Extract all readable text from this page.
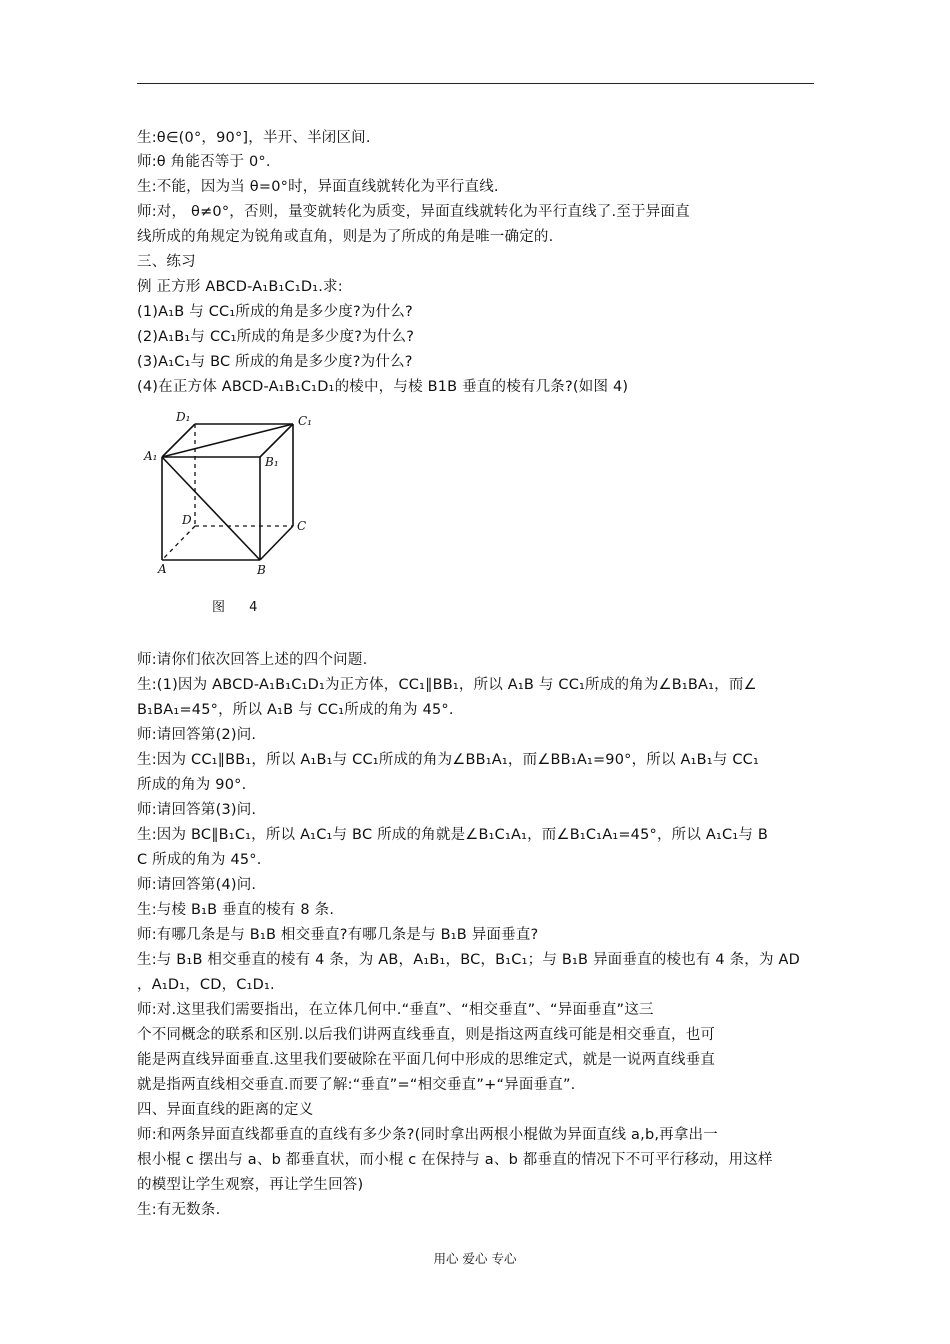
生:θ∈(0°，90°]，半开、半闭区间.
师:θ 角能否等于 0°.
生:不能，因为当 θ=0°时，异面直线就转化为平行直线.
师:对， θ≠0°，否则，量变就转化为质变，异面直线就转化为平行直线了.至于异面直
线所成的角规定为锐角或直角，则是为了所成的角是唯一确定的.
三、练习
例 正方形 ABCD-A₁B₁C₁D₁.求:
(1)A₁B 与 CC₁所成的角是多少度?为什么?
(2)A₁B₁与 CC₁所成的角是多少度?为什么?
(3)A₁C₁与 BC 所成的角是多少度?为什么?
(4)在正方体 ABCD-A₁B₁C₁D₁的棱中，与棱 B1B 垂直的棱有几条?(如图 4)
D₁	C₁
A₁	B₁
D	C
A	B
图 4
师:请你们依次回答上述的四个问题.
生:(1)因为 ABCD-A₁B₁C₁D₁为正方体，CC₁∥BB₁，所以 A₁B 与 CC₁所成的角为∠B₁BA₁，而∠
B₁BA₁=45°，所以 A₁B 与 CC₁所成的角为 45°.
师:请回答第(2)问.
生:因为 CC₁∥BB₁，所以 A₁B₁与 CC₁所成的角为∠BB₁A₁，而∠BB₁A₁=90°，所以 A₁B₁与 CC₁
所成的角为 90°.
师:请回答第(3)问.
生:因为 BC∥B₁C₁，所以 A₁C₁与 BC 所成的角就是∠B₁C₁A₁，而∠B₁C₁A₁=45°，所以 A₁C₁与 B
C 所成的角为 45°.
师:请回答第(4)问.
生:与棱 B₁B 垂直的棱有 8 条.
师:有哪几条是与 B₁B 相交垂直?有哪几条是与 B₁B 异面垂直?
生:与 B₁B 相交垂直的棱有 4 条，为 AB，A₁B₁，BC，B₁C₁；与 B₁B 异面垂直的棱也有 4 条，为 AD
，A₁D₁，CD，C₁D₁.
师:对.这里我们需要指出，在立体几何中.“垂直”、“相交垂直”、“异面垂直”这三
个不同概念的联系和区别.以后我们讲两直线垂直，则是指这两直线可能是相交垂直，也可
能是两直线异面垂直.这里我们要破除在平面几何中形成的思维定式，就是一说两直线垂直
就是指两直线相交垂直.而要了解:“垂直”=“相交垂直”+“异面垂直”.
四、异面直线的距离的定义
师:和两条异面直线都垂直的直线有多少条?(同时拿出两根小棍做为异面直线 a,b,再拿出一
根小棍 c 摆出与 a、b 都垂直状，而小棍 c 在保持与 a、b 都垂直的情况下不可平行移动，用这样
的模型让学生观察，再让学生回答)
生:有无数条.
用心 爱心 专心
